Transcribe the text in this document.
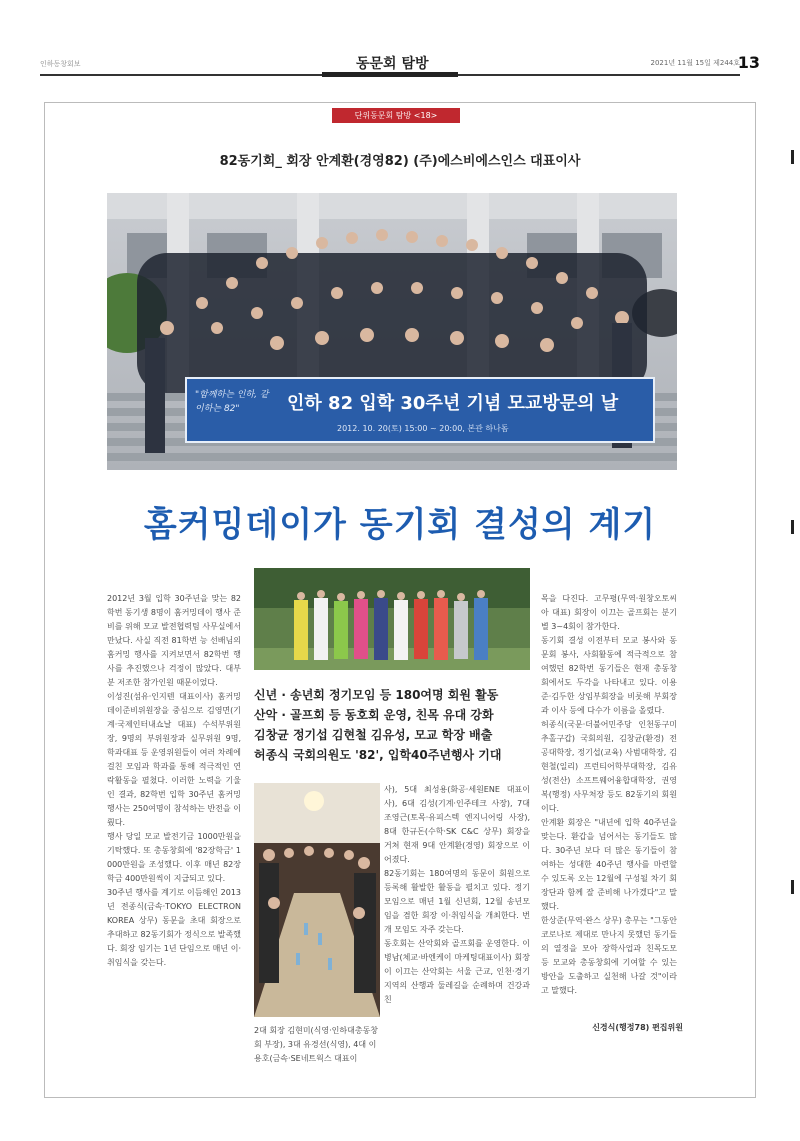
인하동창회보	동문회 탐방	2021년 11월 15일 제244호
13
단위동문회 탐방 <18>
82동기회_ 회장 안계환(경영82) (주)에스비에스인스 대표이사
"함께하는 인하, 같이하는 82"	인하 82 입학 30주년 기념 모교방문의 날
2012. 10. 20(토) 15:00 ~ 20:00, 본관 하나돔
홈커밍데이가 동기회 결성의 계기

2012년 3월 입학 30주년을 맞는 82학번 동기생 8명이 홈커밍데이 행사 준비를 위해 모교 발전협력팀 사무실에서 만났다. 사실 직전 81학번 능 선배님의 홈커밍 행사를 지켜보면서 82학번 행사를 추진했으나 걱정이 많았다. 대부분 저조한 참가인원 때문이었다.

이성진(섬유·인지텐 대표이사) 홈커밍데이준비위원장을 중심으로 김영면(기계·국제인터내쇼날 대표) 수석부위원장, 9명의 부위원장과 실무위원 9명, 학과대표 등 운영위원들이 여러 차례에 걸친 모임과 학과를 통해 적극적인 연락활동을 펼쳤다. 이러한 노력을 기울인 결과, 82학번 입학 30주년 홈커밍 행사는 250여명이 참석하는 반전을 이뤘다.

행사 당일 모교 발전기금 1000만원을 기탁했다. 또 총동창회에 '82장학금' 1000만원을 조성했다. 이후 매년 82장학금 400만원씩이 지급되고 있다.

30주년 행사를 계기로 이듬해인 2013년 전종식(금속·TOKYO ELECTRON KOREA 상무) 동문을 초대 회장으로 추대하고 82동기회가 정식으로 발족했다. 회장 임기는 1년 단임으로 매년 이·취임식을 갖는다.

신년 · 송년회 정기모임 등 180여명 회원 활동
산악 · 골프회 등 동호회 운영, 친목 유대 강화
김창균 정기섭 김현철 김유성, 모교 학장 배출
허종식 국회의원도 '82', 입학40주년행사 기대
2대 회장 김현미(식영·인하대총동창회 부장), 3대 유경선(식영), 4대 이용호(금속·SE네트웍스 대표이

사), 5대 최성용(화공·세원ENE 대표이사), 6대 김성(기계·인주테크 사장), 7대 조영근(토목·유피스텍 엔지니어링 사장), 8대 한규돈(수학·SK C&C 상무) 회장을 거쳐 현재 9대 안계환(경영) 회장으로 이어졌다.

82동기회는 180여명의 동문이 회원으로 등록해 활발한 활동을 펼치고 있다. 정기모임으로 매년 1월 신년회, 12월 송년모임을 겸한 회장 이·취임식을 개최한다. 번개 모임도 자주 갖는다.

동호회는 산악회와 골프회를 운영한다. 이병남(체교·바엔케이 마케팅대표이사) 회장이 이끄는 산악회는 서울 근교, 인천·경기지역의 산행과 둘레길을 순례하며 건강과 친

목을 다진다. 고무평(무역·원창오토씨아 대표) 회장이 이끄는 골프회는 분기별 3~4회이 참가한다.

동기회 결성 이전부터 모교 봉사와 동문회 봉사, 사회활동에 적극적으로 참여했던 82학번 동기들은 현재 총동창회에서도 두각을 나타내고 있다. 이용준·김두한 상임부회장을 비롯해 부회장과 이사 등에 다수가 이름을 올렸다.

허종식(국문·더불어민주당 인천동구미추홀구갑) 국회의원, 김창균(환경) 전 공대학장, 정기섭(교육) 사범대학장, 김현철(일리) 프런티어학부대학장, 김유성(전산) 소프트웨어융합대학장, 권영복(행정) 사무처장 등도 82동기의 회원이다.

안계환 회장은 "내년에 입학 40주년을 맞는다. 환갑을 넘어서는 동기들도 많다. 30주년 보다 더 많은 동기들이 참여하는 성대한 40주년 행사를 마련할 수 있도록 오는 12월에 구성될 차기 회장단과 함께 잘 준비해 나가겠다"고 말했다.

한상준(무역·완스 상무) 총무는 "그동안 코로나로 제대로 만나지 못했던 동기들의 열정을 모아 장학사업과 친목도모 등 모교와 총동창회에 기여할 수 있는 방안을 도출하고 실천해 나갈 것"이라고 말했다.

신경식(행정78) 편집위원
